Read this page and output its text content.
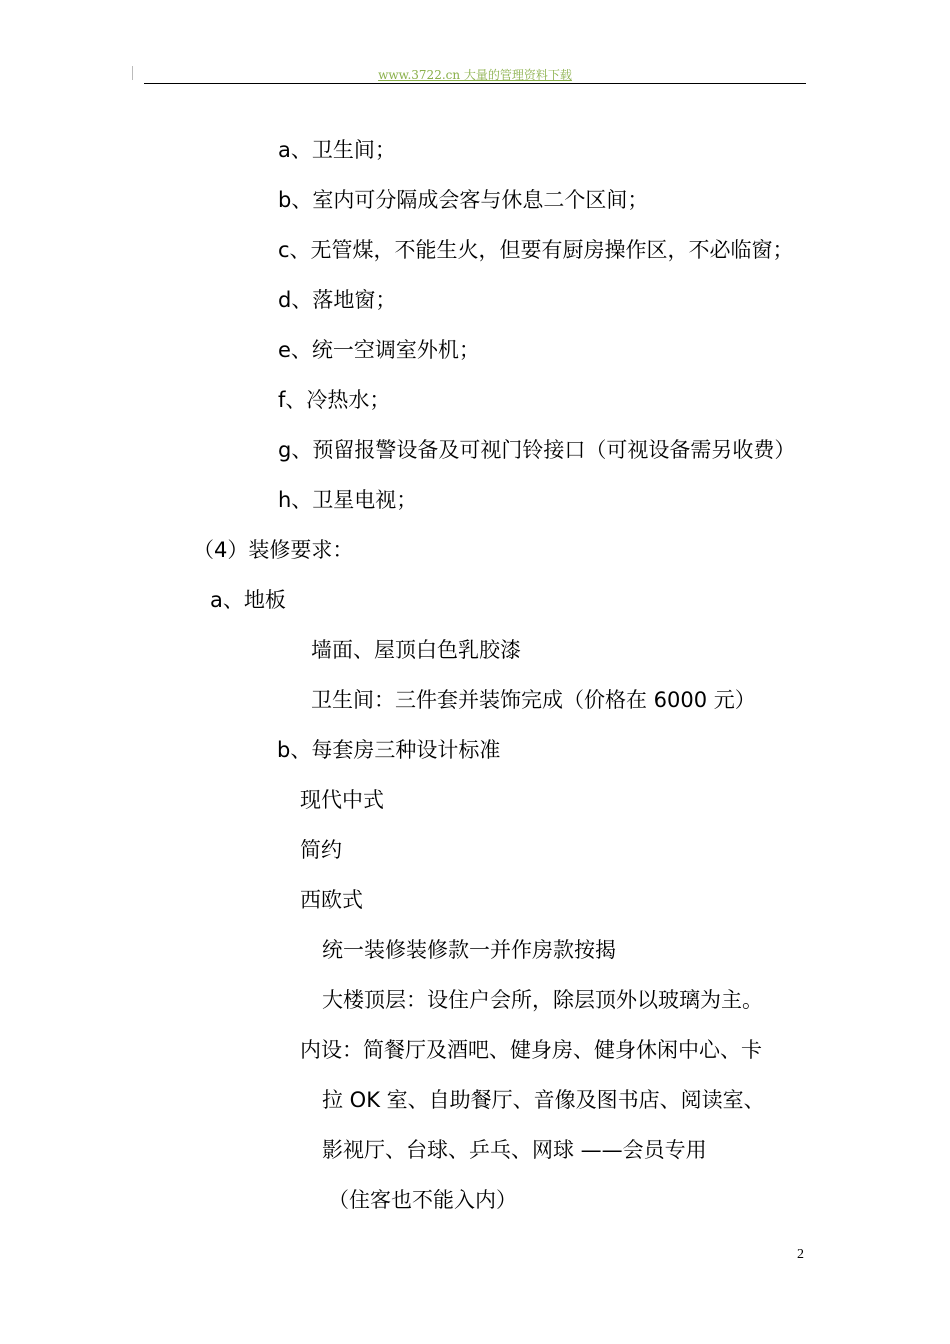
www.3722.cn 大量的管理资料下载
a、卫生间；
b、室内可分隔成会客与休息二个区间；
c、无管煤，不能生火，但要有厨房操作区，不必临窗；
d、落地窗；
e、统一空调室外机；
f、冷热水；
g、预留报警设备及可视门铃接口（可视设备需另收费）
h、卫星电视；
（4）装修要求：
a、地板
墙面、屋顶白色乳胶漆
卫生间：三件套并装饰完成（价格在 6000 元）
b、每套房三种设计标准
现代中式
简约
西欧式
统一装修装修款一并作房款按揭
大楼顶层：设住户会所，除层顶外以玻璃为主。
内设：简餐厅及酒吧、健身房、健身休闲中心、卡
拉 OK 室、自助餐厅、音像及图书店、阅读室、
影视厅、台球、乒乓、网球 ——会员专用
（住客也不能入内）
2
